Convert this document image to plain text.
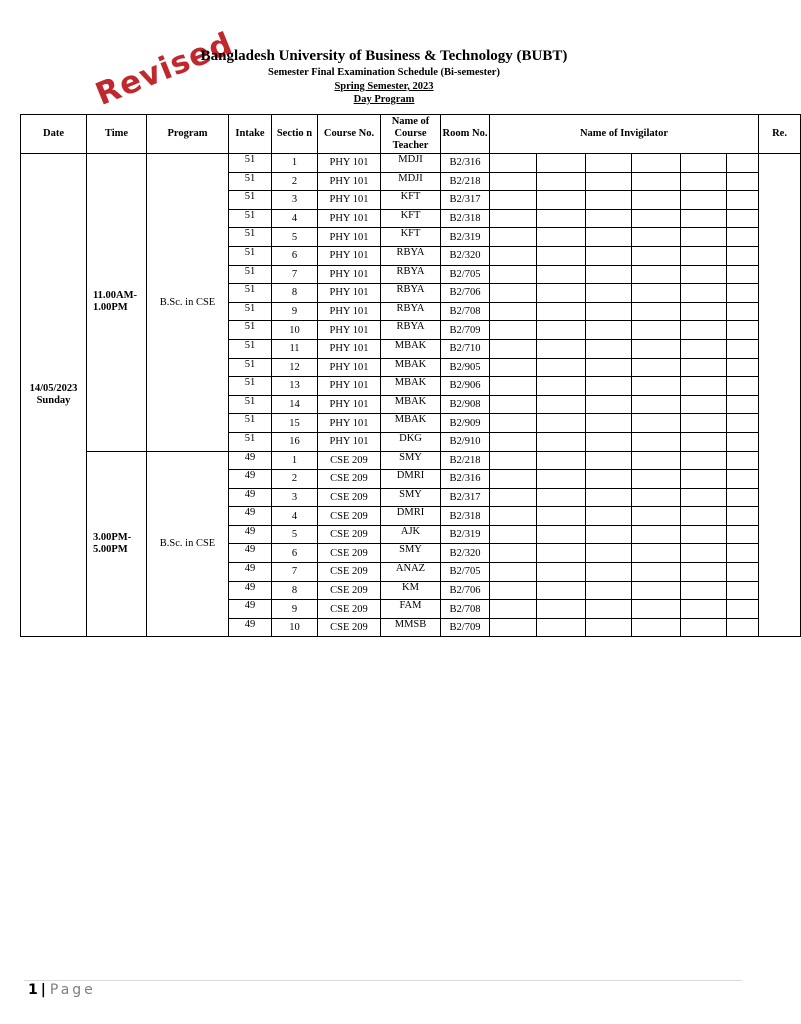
Revised
Bangladesh University of Business & Technology (BUBT)
Semester Final Examination Schedule (Bi-semester)
Spring Semester, 2023
Day Program
Date	Time	Program	Intake	Sectio n	Course No.	Name of Course Teacher	Room No.	Name of Invigilator						Re.
14/05/2023 Sunday	11.00AM-1.00PM	B.Sc. in CSE	51	1	PHY 101	MDJI	B2/316							
			51	2	PHY 101	MDJI	B2/218							
			51	3	PHY 101	KFT	B2/317							
			51	4	PHY 101	KFT	B2/318							
			51	5	PHY 101	KFT	B2/319							
			51	6	PHY 101	RBYA	B2/320							
			51	7	PHY 101	RBYA	B2/705							
			51	8	PHY 101	RBYA	B2/706							
			51	9	PHY 101	RBYA	B2/708							
			51	10	PHY 101	RBYA	B2/709							
			51	11	PHY 101	MBAK	B2/710							
			51	12	PHY 101	MBAK	B2/905							
			51	13	PHY 101	MBAK	B2/906							
			51	14	PHY 101	MBAK	B2/908							
			51	15	PHY 101	MBAK	B2/909							
			51	16	PHY 101	DKG	B2/910							
	3.00PM-5.00PM	B.Sc. in CSE	49	1	CSE 209	SMY	B2/218							
			49	2	CSE 209	DMRI	B2/316							
			49	3	CSE 209	SMY	B2/317							
			49	4	CSE 209	DMRI	B2/318							
			49	5	CSE 209	AJK	B2/319							
			49	6	CSE 209	SMY	B2/320							
			49	7	CSE 209	ANAZ	B2/705							
			49	8	CSE 209	KM	B2/706							
			49	9	CSE 209	FAM	B2/708							
			49	10	CSE 209	MMSB	B2/709							
1 | Page
